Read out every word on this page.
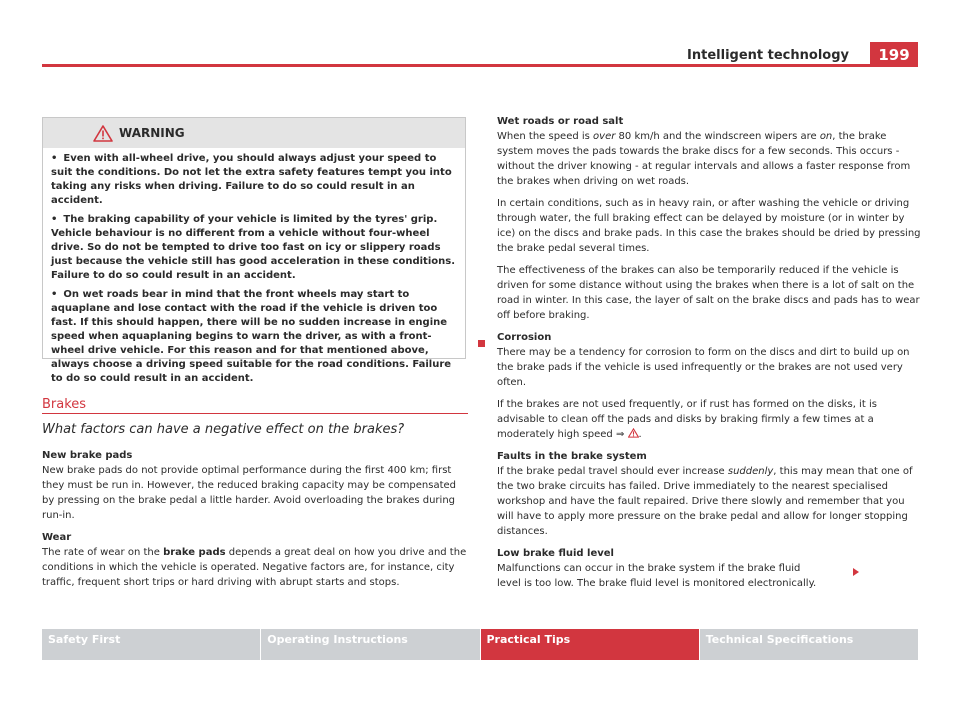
Intelligent technology	199
WARNING

• Even with all-wheel drive, you should always adjust your speed to suit the conditions. Do not let the extra safety features tempt you into taking any risks when driving. Failure to do so could result in an accident.

• The braking capability of your vehicle is limited by the tyres' grip. Vehicle behaviour is no different from a vehicle without four-wheel drive. So do not be tempted to drive too fast on icy or slippery roads just because the vehicle still has good acceleration in these conditions. Failure to do so could result in an accident.

• On wet roads bear in mind that the front wheels may start to aquaplane and lose contact with the road if the vehicle is driven too fast. If this should happen, there will be no sudden increase in engine speed when aquaplaning begins to warn the driver, as with a front-wheel drive vehicle. For this reason and for that mentioned above, always choose a driving speed suitable for the road conditions. Failure to do so could result in an accident.

Brakes
What factors can have a negative effect on the brakes?
New brake pads

New brake pads do not provide optimal performance during the first 400 km; first they must be run in. However, the reduced braking capacity may be compensated by pressing on the brake pedal a little harder. Avoid overloading the brakes during run-in.

Wear

The rate of wear on the brake pads depends a great deal on how you drive and the conditions in which the vehicle is operated. Negative factors are, for instance, city traffic, frequent short trips or hard driving with abrupt starts and stops.

Wet roads or road salt

When the speed is over 80 km/h and the windscreen wipers are on, the brake system moves the pads towards the brake discs for a few seconds. This occurs - without the driver knowing - at regular intervals and allows a faster response from the brakes when driving on wet roads.

In certain conditions, such as in heavy rain, or after washing the vehicle or driving through water, the full braking effect can be delayed by moisture (or in winter by ice) on the discs and brake pads. In this case the brakes should be dried by pressing the brake pedal several times.

The effectiveness of the brakes can also be temporarily reduced if the vehicle is driven for some distance without using the brakes when there is a lot of salt on the road in winter. In this case, the layer of salt on the brake discs and pads has to wear off before braking.

Corrosion

There may be a tendency for corrosion to form on the discs and dirt to build up on the brake pads if the vehicle is used infrequently or the brakes are not used very often.

If the brakes are not used frequently, or if rust has formed on the disks, it is advisable to clean off the pads and disks by braking firmly a few times at a moderately high speed ⇒ .

Faults in the brake system

If the brake pedal travel should ever increase suddenly, this may mean that one of the two brake circuits has failed. Drive immediately to the nearest specialised workshop and have the fault repaired. Drive there slowly and remember that you will have to apply more pressure on the brake pedal and allow for longer stopping distances.

Low brake fluid level

Malfunctions can occur in the brake system if the brake fluid level is too low. The brake fluid level is monitored electronically.

Safety First	Operating Instructions	Practical Tips	Technical Specifications
